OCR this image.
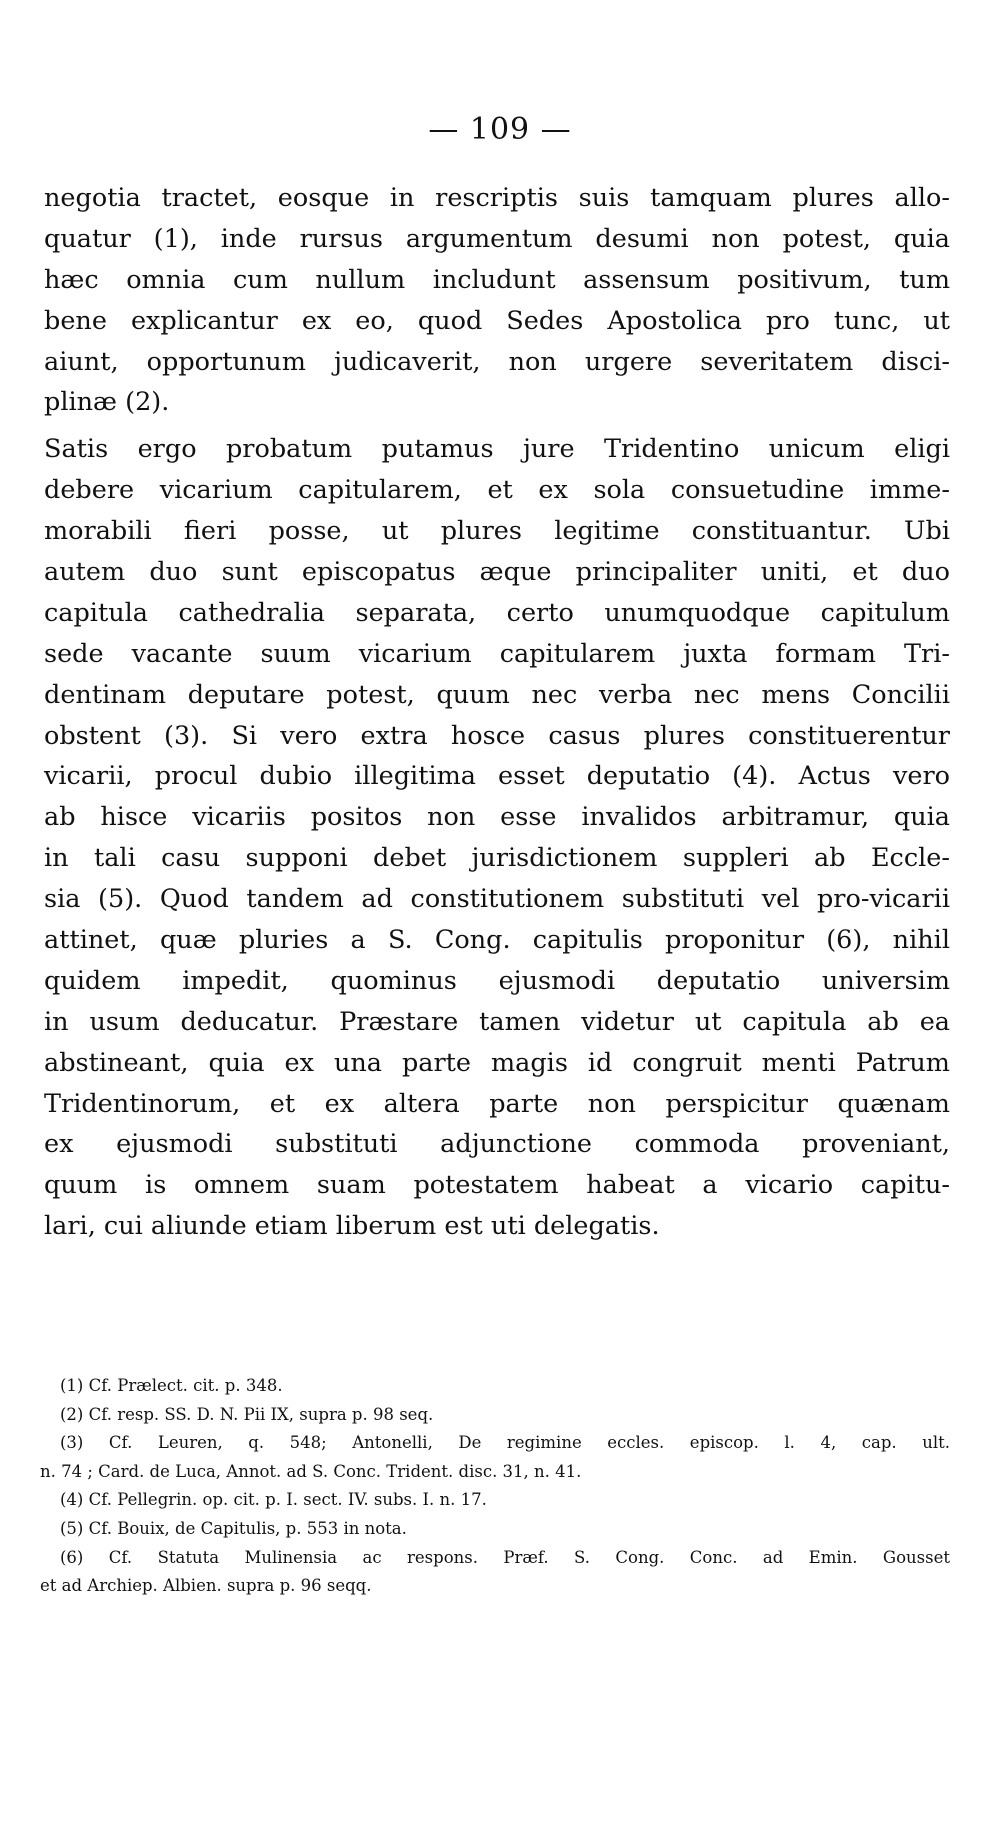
— 109 —
negotia tractet, eosque in rescriptis suis tamquam plures allo-
quatur (1), inde rursus argumentum desumi non potest, quia
hæc omnia cum nullum includunt assensum positivum, tum
bene explicantur ex eo, quod Sedes Apostolica pro tunc, ut
aiunt, opportunum judicaverit, non urgere severitatem disci-
plinæ (2).
Satis ergo probatum putamus jure Tridentino unicum eligi
debere vicarium capitularem, et ex sola consuetudine imme-
morabili fieri posse, ut plures legitime constituantur. Ubi
autem duo sunt episcopatus æque principaliter uniti, et duo
capitula cathedralia separata, certo unumquodque capitulum
sede vacante suum vicarium capitularem juxta formam Tri-
dentinam deputare potest, quum nec verba nec mens Concilii
obstent (3). Si vero extra hosce casus plures constituerentur
vicarii, procul dubio illegitima esset deputatio (4). Actus vero
ab hisce vicariis positos non esse invalidos arbitramur, quia
in tali casu supponi debet jurisdictionem suppleri ab Eccle-
sia (5). Quod tandem ad constitutionem substituti vel pro-vicarii
attinet, quæ pluries a S. Cong. capitulis proponitur (6), nihil
quidem impedit, quominus ejusmodi deputatio universim
in usum deducatur. Præstare tamen videtur ut capitula ab ea
abstineant, quia ex una parte magis id congruit menti Patrum
Tridentinorum, et ex altera parte non perspicitur quænam
ex ejusmodi substituti adjunctione commoda proveniant,
quum is omnem suam potestatem habeat a vicario capitu-
lari, cui aliunde etiam liberum est uti delegatis.
(1) Cf. Prælect. cit. p. 348.
(2) Cf. resp. SS. D. N. Pii IX, supra p. 98 seq.
(3) Cf. Leuren, q. 548; Antonelli, De regimine eccles. episcop. l. 4, cap. ult.
n. 74 ; Card. de Luca, Annot. ad S. Conc. Trident. disc. 31, n. 41.
(4) Cf. Pellegrin. op. cit. p. I. sect. IV. subs. I. n. 17.
(5) Cf. Bouix, de Capitulis, p. 553 in nota.
(6) Cf. Statuta Mulinensia ac respons. Præf. S. Cong. Conc. ad Emin. Gousset
et ad Archiep. Albien. supra p. 96 seqq.
